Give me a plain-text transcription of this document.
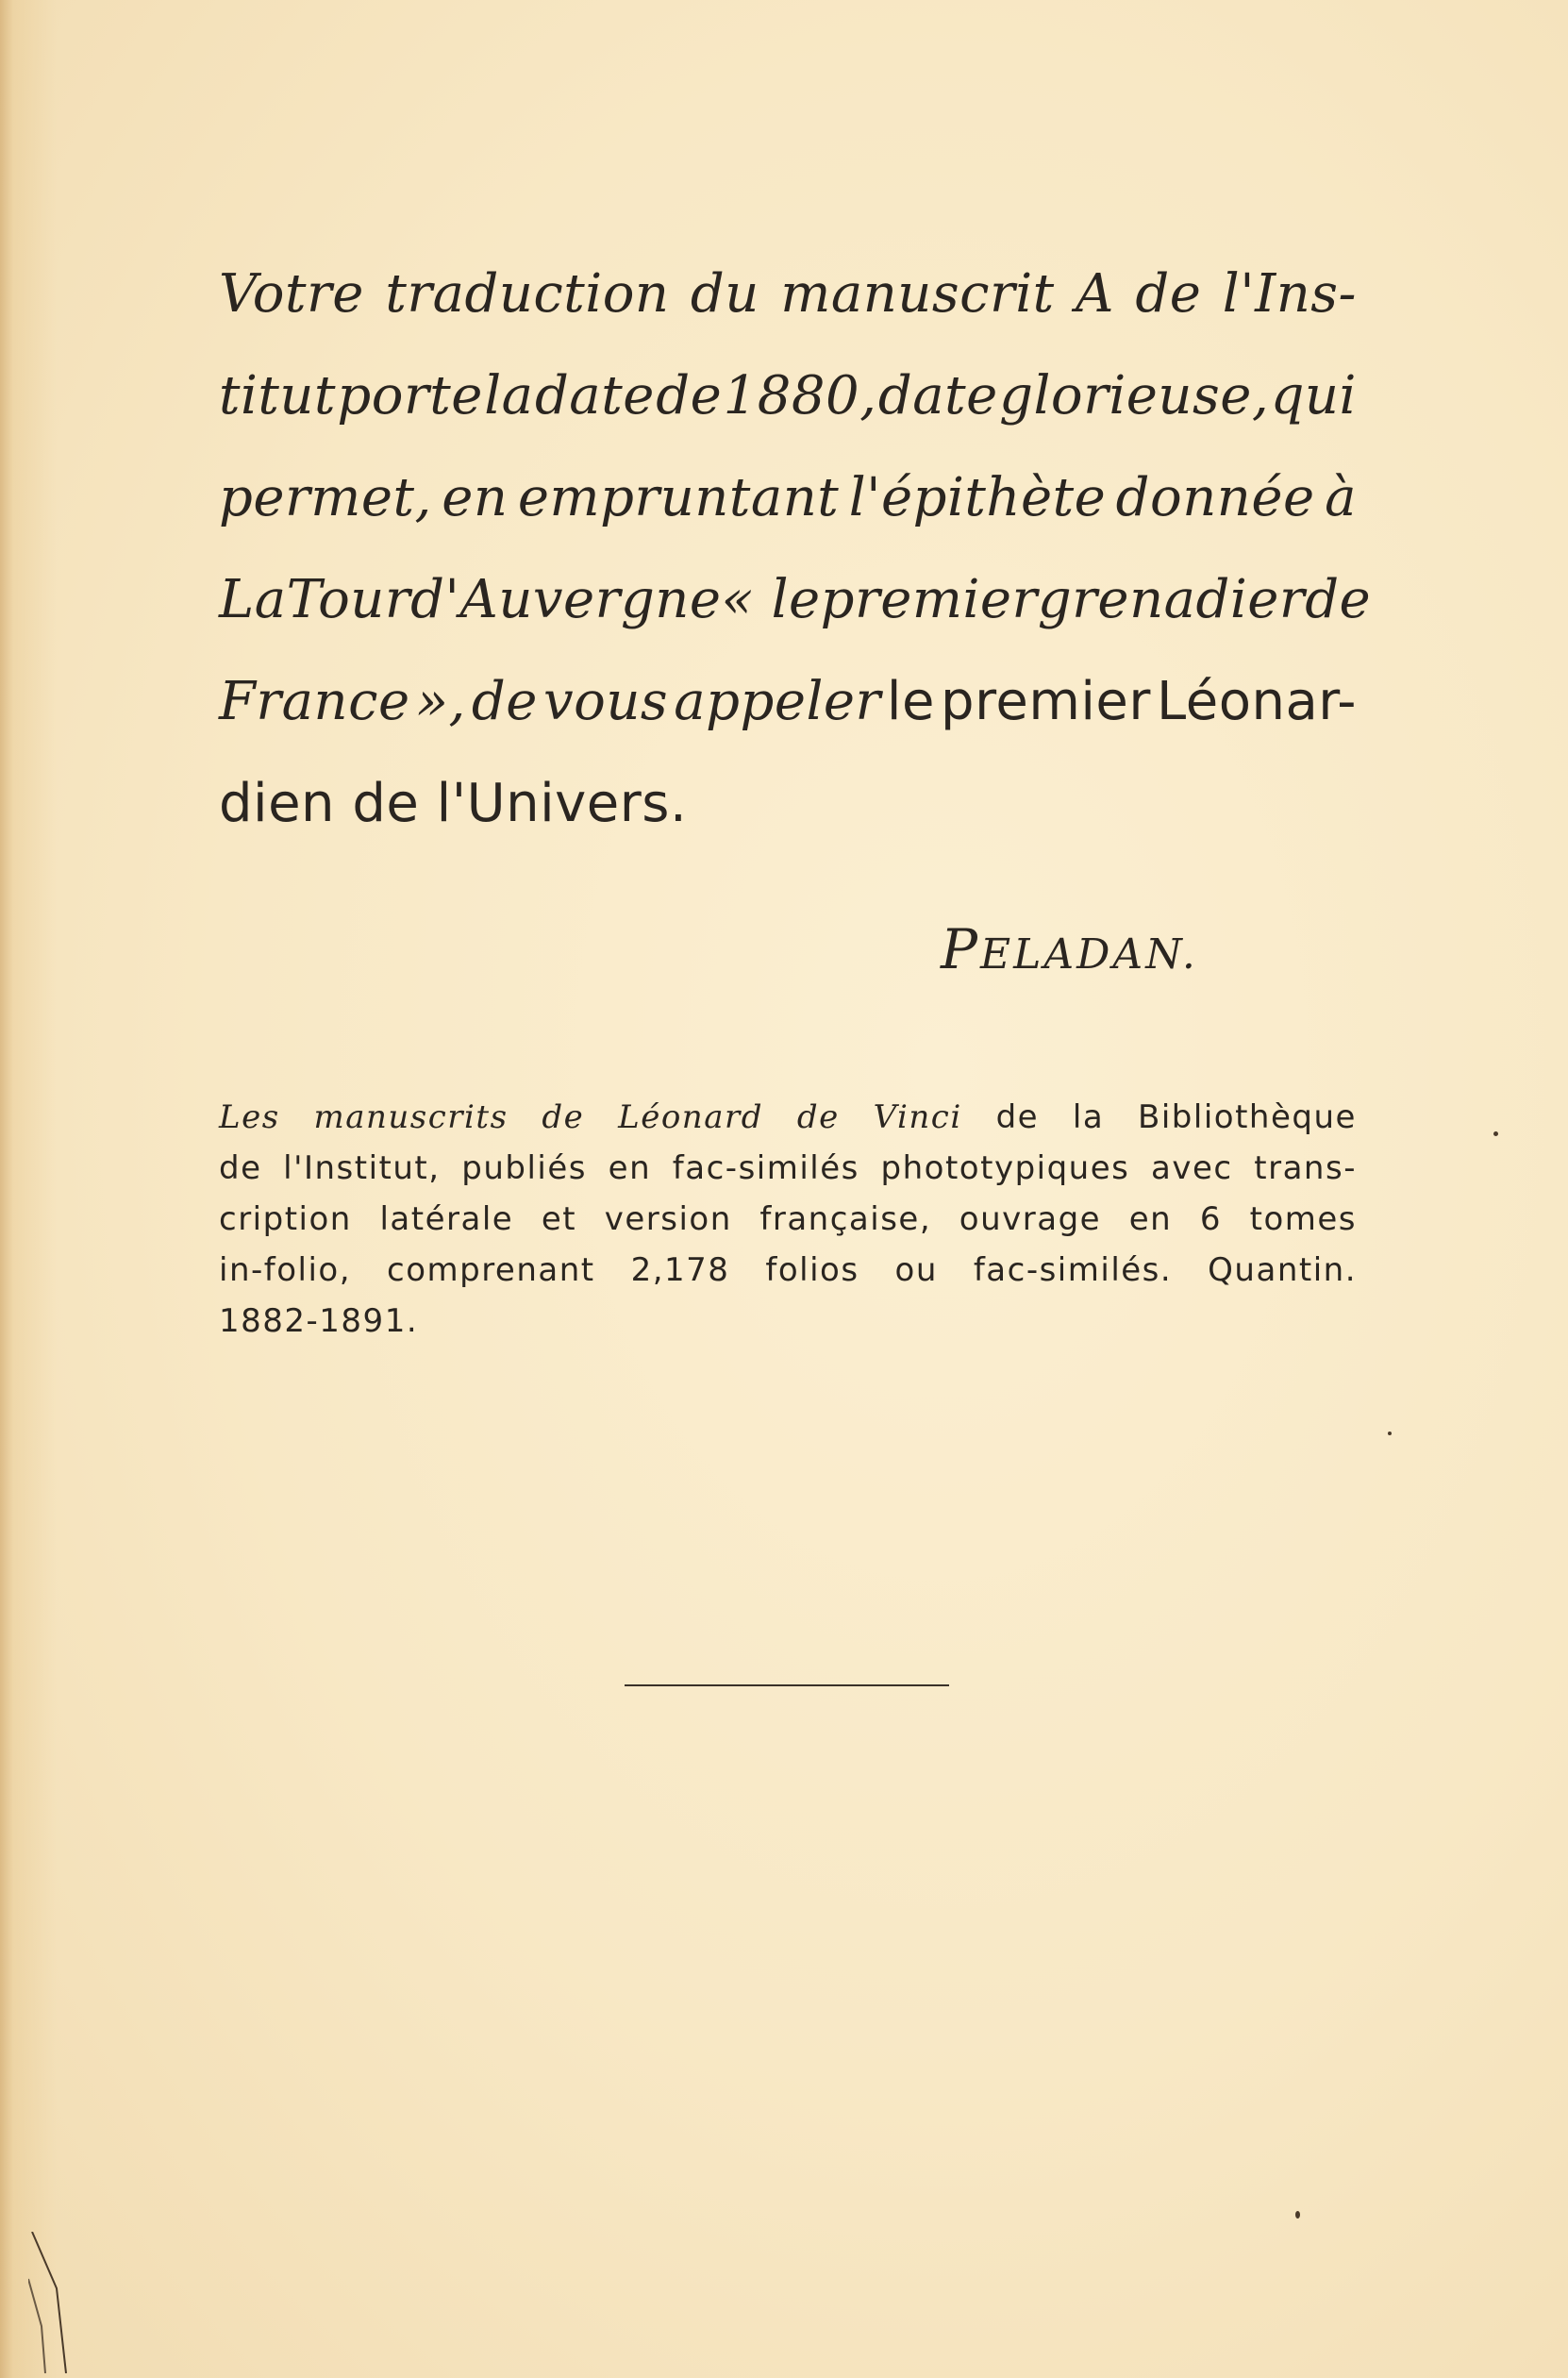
Votre traduction du manuscrit A de l'Ins-
titut porte la date de 1880, date glorieuse, qui
permet, en empruntant l'épithète donnée à
La Tour d'Auvergne « le premier grenadier de
France », de vous appeler le premier Léonar-
dien de l'Univers.
PELADAN.
Les manuscrits de Léonard de Vinci de la Bibliothèque
de l'Institut, publiés en fac-similés phototypiques avec trans-
cription latérale et version française, ouvrage en 6 tomes
in-folio, comprenant 2,178 folios ou fac-similés. Quantin.
1882-1891.
